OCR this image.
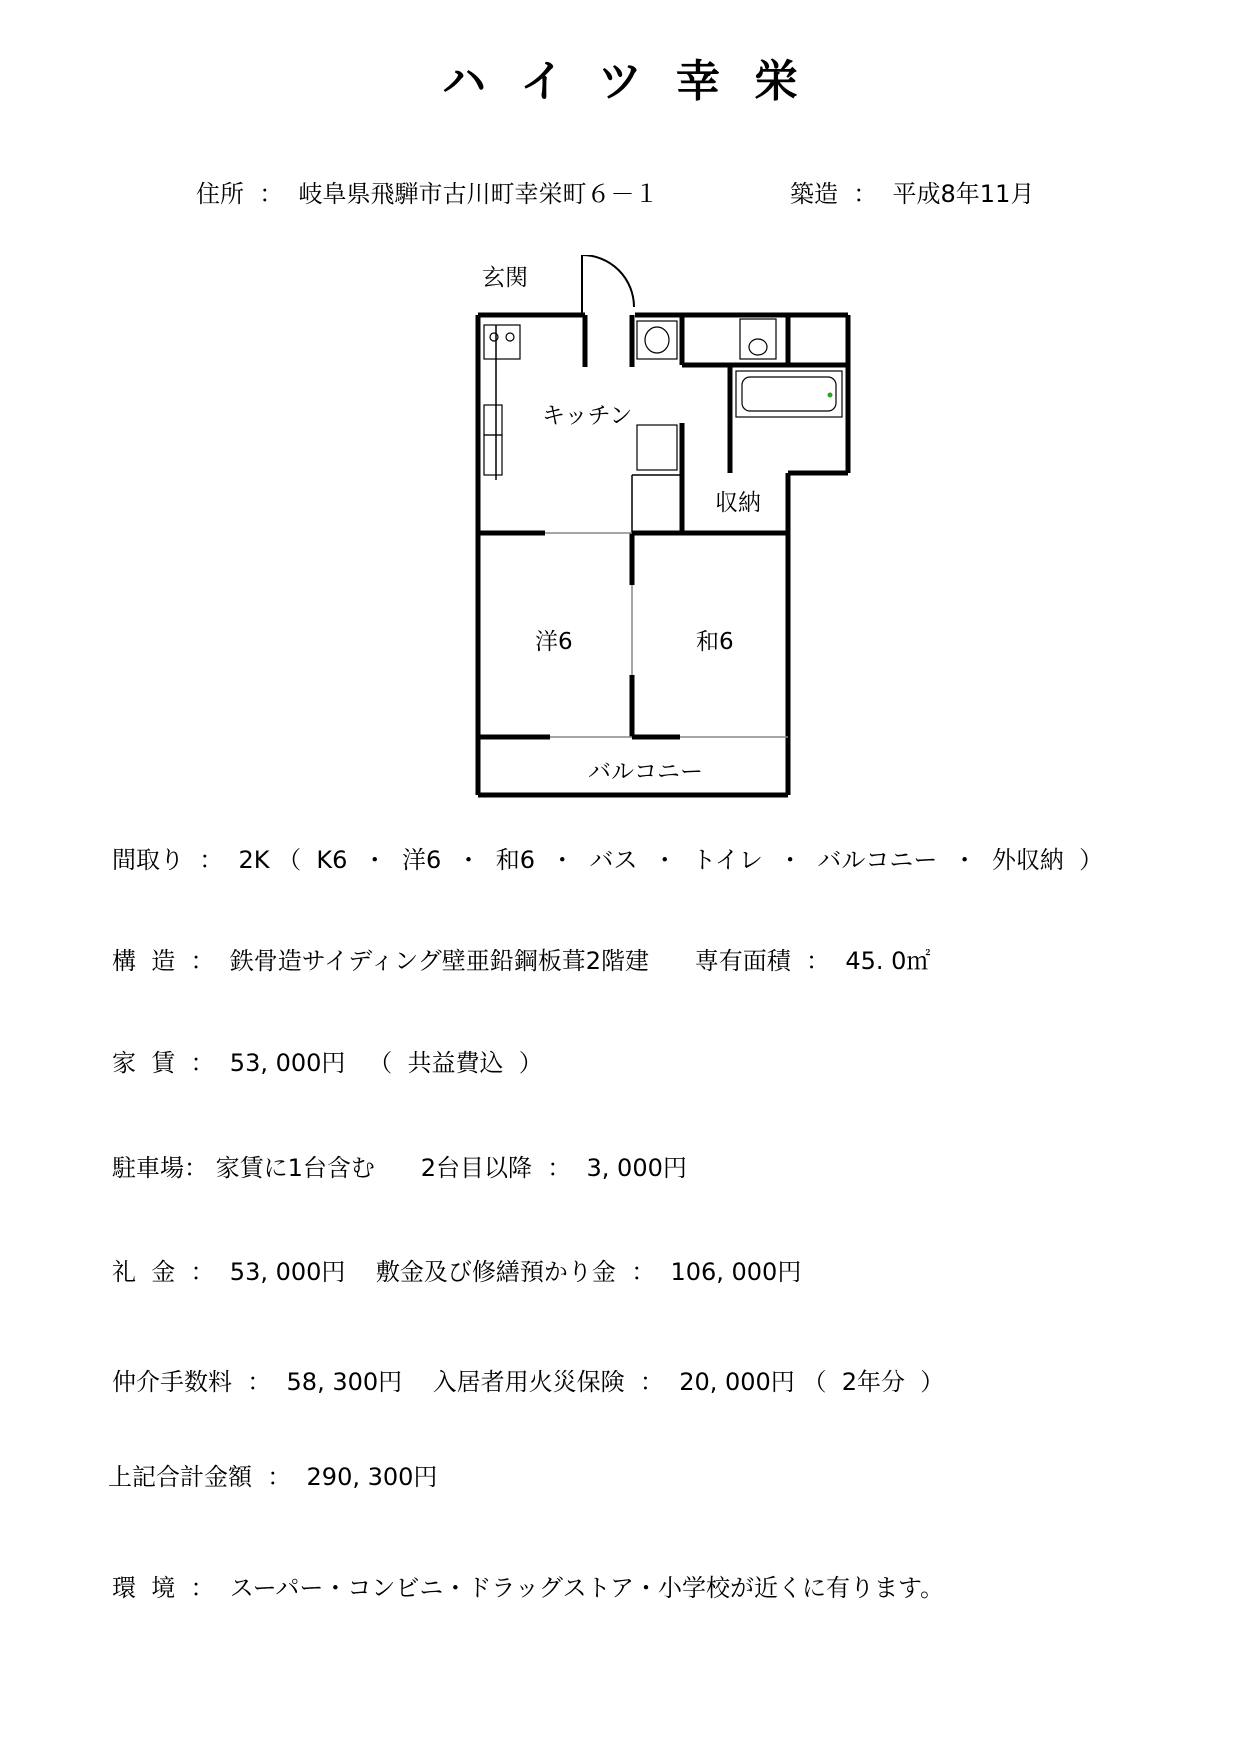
ハイツ幸栄
住所 ： 岐阜県飛騨市古川町幸栄町６－１	築造 ： 平成8年11月
玄関
キッチン
収納
洋6	和6
バルコニー
間取り ： 2K （  K6  ・  洋6  ・  和6  ・  バス  ・  トイレ  ・  バルコニー  ・  外収納  ）
構  造 ： 鉄骨造サイディング壁亜鉛鋼板葺2階建 専有面積 ： 45. 0㎡
家  賃 ： 53, 000円 （  共益費込  ）
駐車場： 家賃に1台含む 2台目以降 ： 3, 000円
礼  金 ： 53, 000円 敷金及び修繕預かり金 ： 106, 000円
仲介手数料 ： 58, 300円 入居者用火災保険 ： 20, 000円 （  2年分  ）
上記合計金額 ： 290, 300円
環  境 ： スーパー・コンビニ・ドラッグストア・小学校が近くに有ります。
